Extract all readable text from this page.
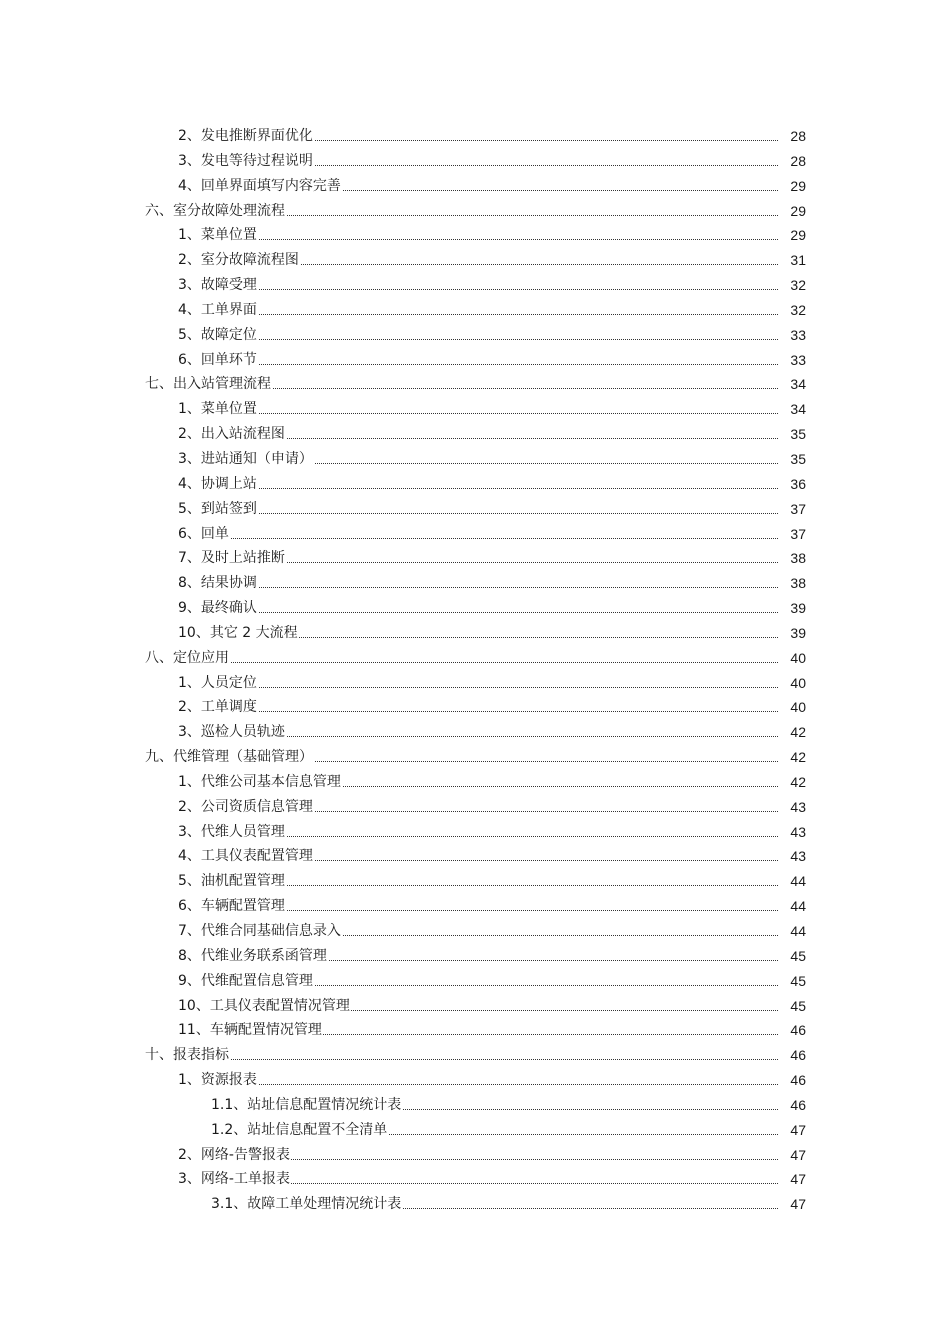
2、发电推断界面优化	28
3、发电等待过程说明	28
4、回单界面填写内容完善	29
六、室分故障处理流程	29
1、菜单位置	29
2、室分故障流程图	31
3、故障受理	32
4、工单界面	32
5、故障定位	33
6、回单环节	33
七、出入站管理流程	34
1、菜单位置	34
2、出入站流程图	35
3、进站通知（申请）	35
4、协调上站	36
5、到站签到	37
6、回单	37
7、及时上站推断	38
8、结果协调	38
9、最终确认	39
10、其它 2 大流程	39
八、定位应用	40
1、人员定位	40
2、工单调度	40
3、巡检人员轨迹	42
九、代维管理（基础管理）	42
1、代维公司基本信息管理	42
2、公司资质信息管理	43
3、代维人员管理	43
4、工具仪表配置管理	43
5、油机配置管理	44
6、车辆配置管理	44
7、代维合同基础信息录入	44
8、代维业务联系函管理	45
9、代维配置信息管理	45
10、工具仪表配置情况管理	45
11、车辆配置情况管理	46
十、报表指标	46
1、资源报表	46
1.1、站址信息配置情况统计表	46
1.2、站址信息配置不全清单	47
2、网络-告警报表	47
3、网络-工单报表	47
3.1、故障工单处理情况统计表	47
